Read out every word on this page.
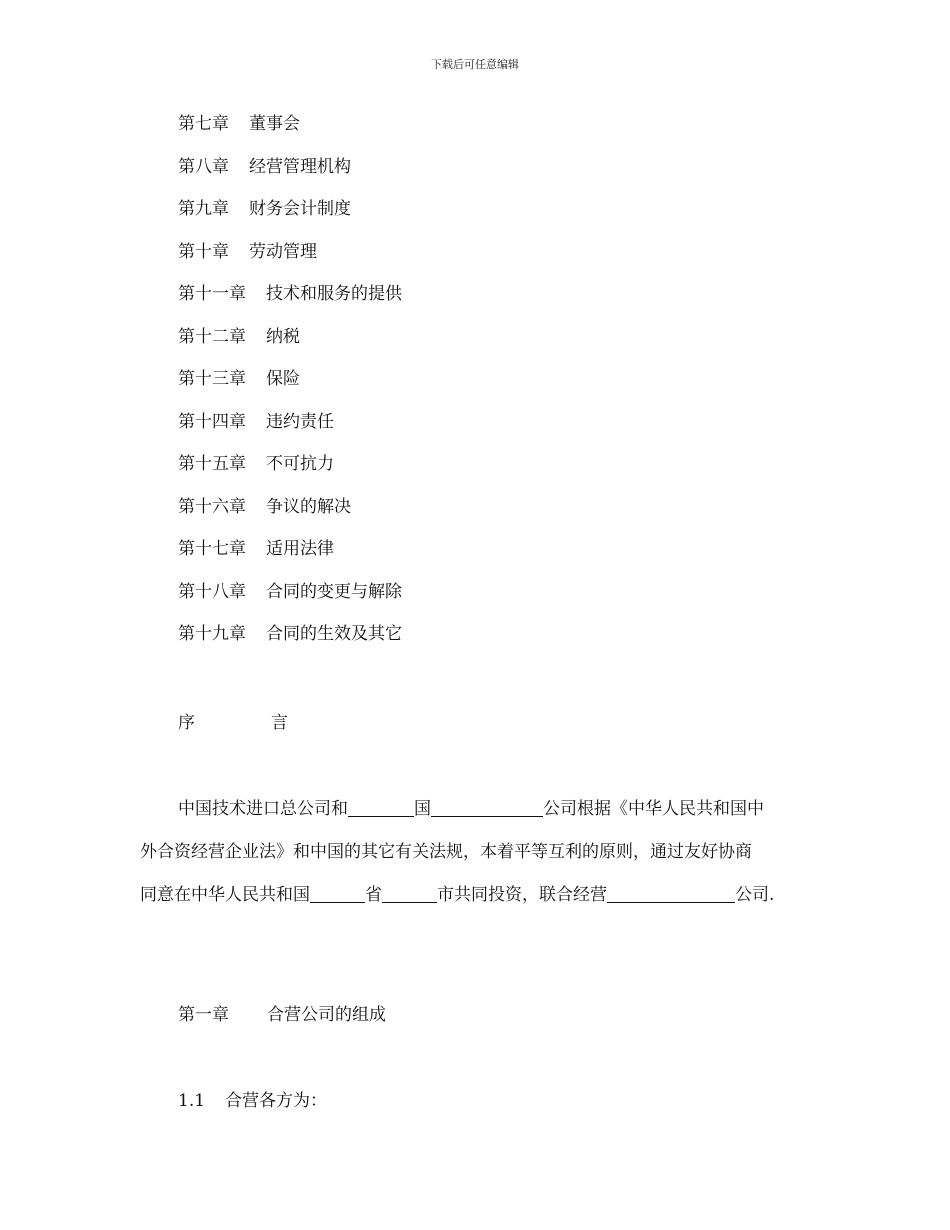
下载后可任意编辑
第七章 董事会
第八章 经营管理机构
第九章 财务会计制度
第十章 劳动管理
第十一章 技术和服务的提供
第十二章 纳税
第十三章 保险
第十四章 违约责任
第十五章 不可抗力
第十六章 争议的解决
第十七章 适用法律
第十八章 合同的变更与解除
第十九章 合同的生效及其它
序	言
中国技术进口总公司和	国	公司根据《中华人民共和国中
外合资经营企业法》和中国的其它有关法规，本着平等互利的原则，通过友好协商
同意在中华人民共和国	省	市共同投资，联合经营	公司.
第一章 合营公司的组成
1.1 合营各方为：
